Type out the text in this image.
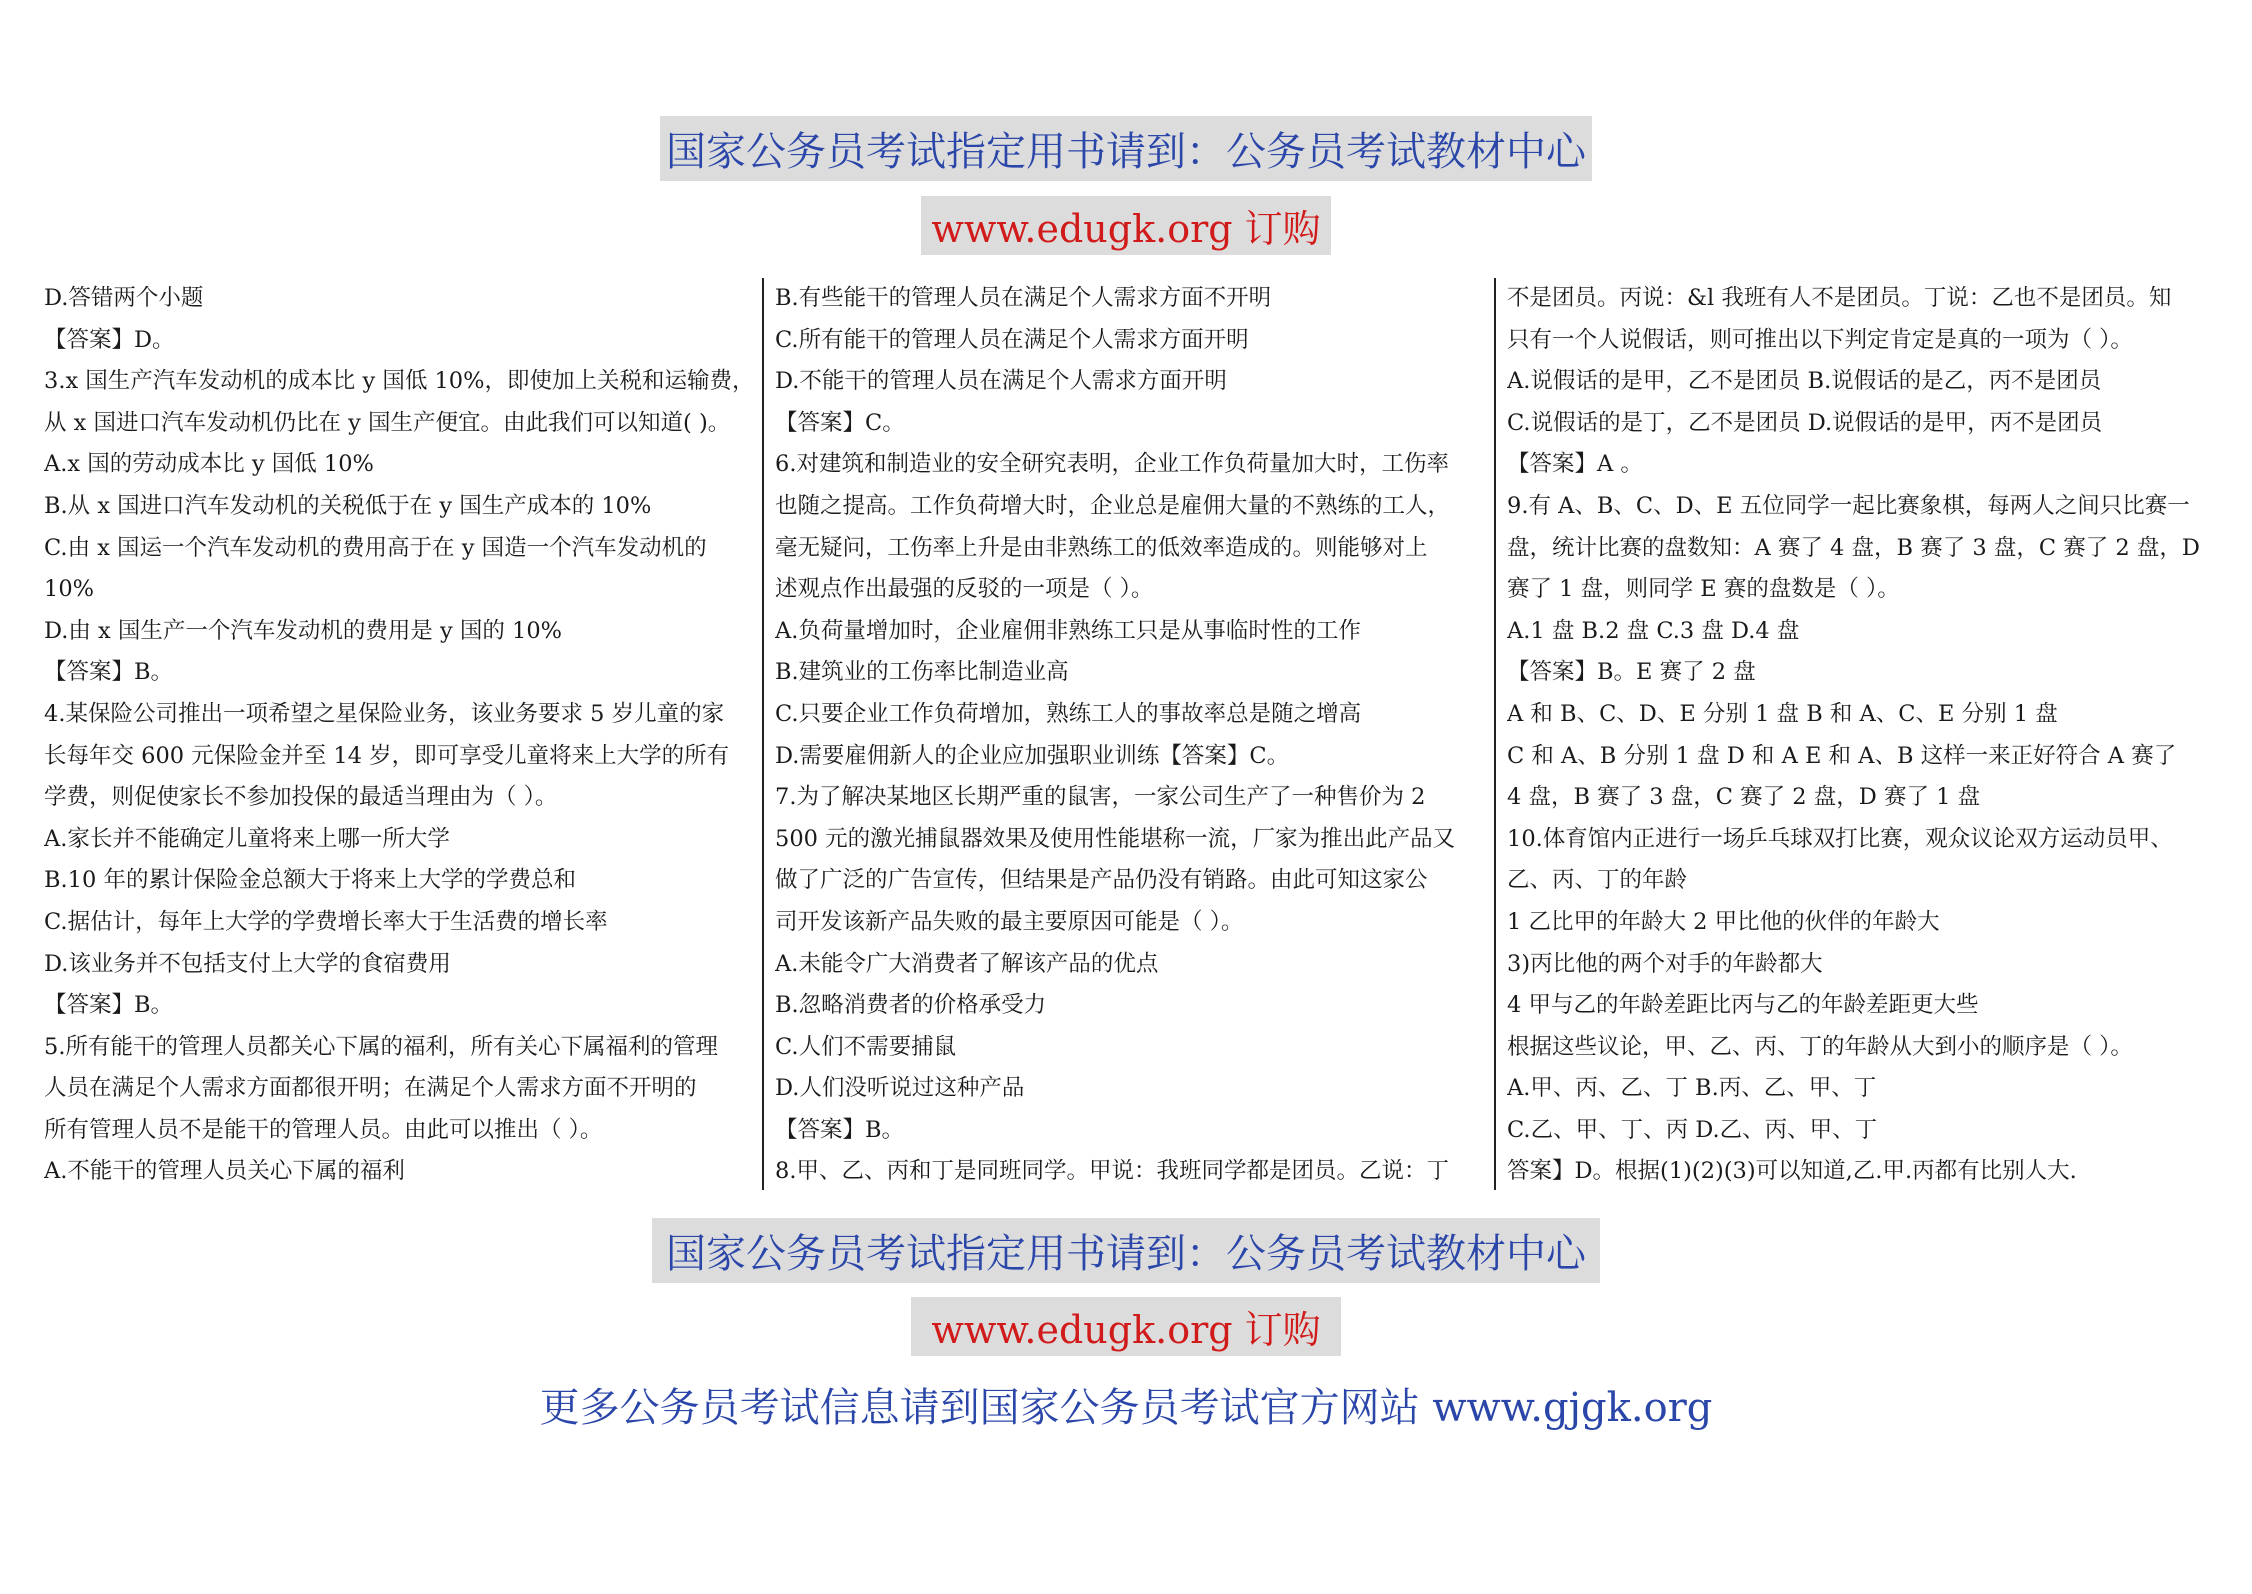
国家公务员考试指定用书请到：公务员考试教材中心
www.edugk.org 订购
D.答错两个小题
【答案】D。
3.x 国生产汽车发动机的成本比 y 国低 10%，即使加上关税和运输费，
从 x 国进口汽车发动机仍比在 y 国生产便宜。由此我们可以知道( )。
A.x 国的劳动成本比 y 国低 10%
B.从 x 国进口汽车发动机的关税低于在 y 国生产成本的 10%
C.由 x 国运一个汽车发动机的费用高于在 y 国造一个汽车发动机的
10%
D.由 x 国生产一个汽车发动机的费用是 y 国的 10%
【答案】B。
4.某保险公司推出一项希望之星保险业务，该业务要求 5 岁儿童的家
长每年交 600 元保险金并至 14 岁，即可享受儿童将来上大学的所有
学费，则促使家长不参加投保的最适当理由为（ ）。
A.家长并不能确定儿童将来上哪一所大学
B.10 年的累计保险金总额大于将来上大学的学费总和
C.据估计，每年上大学的学费增长率大于生活费的增长率
D.该业务并不包括支付上大学的食宿费用
【答案】B。
5.所有能干的管理人员都关心下属的福利，所有关心下属福利的管理
人员在满足个人需求方面都很开明；在满足个人需求方面不开明的
所有管理人员不是能干的管理人员。由此可以推出（ ）。
A.不能干的管理人员关心下属的福利
B.有些能干的管理人员在满足个人需求方面不开明
C.所有能干的管理人员在满足个人需求方面开明
D.不能干的管理人员在满足个人需求方面开明
【答案】C。
6.对建筑和制造业的安全研究表明，企业工作负荷量加大时，工伤率
也随之提高。工作负荷增大时，企业总是雇佣大量的不熟练的工人，
毫无疑问，工伤率上升是由非熟练工的低效率造成的。则能够对上
述观点作出最强的反驳的一项是（ ）。
A.负荷量增加时，企业雇佣非熟练工只是从事临时性的工作
B.建筑业的工伤率比制造业高
C.只要企业工作负荷增加，熟练工人的事故率总是随之增高
D.需要雇佣新人的企业应加强职业训练【答案】C。
7.为了解决某地区长期严重的鼠害，一家公司生产了一种售价为 2
500 元的激光捕鼠器效果及使用性能堪称一流，厂家为推出此产品又
做了广泛的广告宣传，但结果是产品仍没有销路。由此可知这家公
司开发该新产品失败的最主要原因可能是（ ）。
A.未能令广大消费者了解该产品的优点
B.忽略消费者的价格承受力
C.人们不需要捕鼠
D.人们没听说过这种产品
【答案】B。
8.甲、乙、丙和丁是同班同学。甲说：我班同学都是团员。乙说：丁
不是团员。丙说：&l 我班有人不是团员。丁说：乙也不是团员。知
只有一个人说假话，则可推出以下判定肯定是真的一项为（ ）。
A.说假话的是甲，乙不是团员 B.说假话的是乙，丙不是团员
C.说假话的是丁，乙不是团员 D.说假话的是甲，丙不是团员
【答案】A 。
9.有 A、B、C、D、E 五位同学一起比赛象棋，每两人之间只比赛一
盘，统计比赛的盘数知：A 赛了 4 盘，B 赛了 3 盘，C 赛了 2 盘，D
赛了 1 盘，则同学 E 赛的盘数是（ ）。
A.1 盘 B.2 盘 C.3 盘 D.4 盘
【答案】B。E 赛了 2 盘
A 和 B、C、D、E 分别 1 盘 B 和 A、C、E 分别 1 盘
C 和 A、B 分别 1 盘 D 和 A E 和 A、B 这样一来正好符合 A 赛了
4 盘，B 赛了 3 盘，C 赛了 2 盘，D 赛了 1 盘
10.体育馆内正进行一场乒乓球双打比赛，观众议论双方运动员甲、
乙、丙、丁的年龄
1 乙比甲的年龄大 2 甲比他的伙伴的年龄大
3)丙比他的两个对手的年龄都大
4 甲与乙的年龄差距比丙与乙的年龄差距更大些
根据这些议论，甲、乙、丙、丁的年龄从大到小的顺序是（ ）。
A.甲、丙、乙、丁 B.丙、乙、甲、丁
C.乙、甲、丁、丙 D.乙、丙、甲、丁
答案】D。根据(1)(2)(3)可以知道,乙.甲.丙都有比别人大.
国家公务员考试指定用书请到：公务员考试教材中心
www.edugk.org 订购
更多公务员考试信息请到国家公务员考试官方网站 www.gjgk.org
